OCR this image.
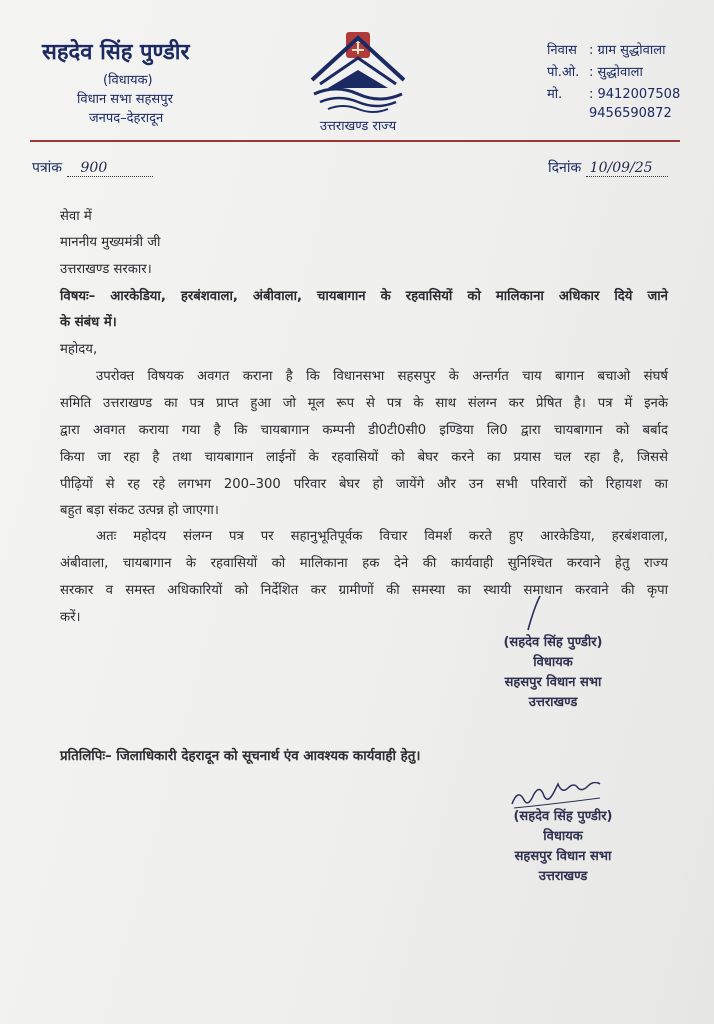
सहदेव सिंह पुण्डीर
(विधायक)
विधान सभा सहसपुर
जनपद–देहरादून
उत्तराखण्ड राज्य
निवास : ग्राम सुद्धोवाला
पो.ओ. : सुद्धोवाला
मो. : 9412007508
9456590872
पत्रांक 900	दिनांक 10/09/25
सेवा में
माननीय मुख्यमंत्री जी
उत्तराखण्ड सरकार।
विषयः– आरकेडिया, हरबंशवाला, अंबीवाला, चायबागान के रहवासियों को मालिकाना अधिकार दिये जाने
के संबंध में।
महोदय,
उपरोक्त विषयक अवगत कराना है कि विधानसभा सहसपुर के अन्तर्गत चाय बागान बचाओ संघर्ष
समिति उत्तराखण्ड का पत्र प्राप्त हुआ जो मूल रूप से पत्र के साथ संलग्न कर प्रेषित है। पत्र में इनके
द्वारा अवगत कराया गया है कि चायबागान कम्पनी डी0टी0सी0 इण्डिया लि0 द्वारा चायबागान को बर्बाद
किया जा रहा है तथा चायबागान लाईनों के रहवासियों को बेघर करने का प्रयास चल रहा है, जिससे
पीढ़ियों से रह रहे लगभग 200–300 परिवार बेघर हो जायेंगे और उन सभी परिवारों को रिहायश का
बहुत बड़ा संकट उत्पन्न हो जाएगा।
अतः महोदय संलग्न पत्र पर सहानुभूतिपूर्वक विचार विमर्श करते हुए आरकेडिया, हरबंशवाला,
अंबीवाला, चायबागान के रहवासियों को मालिकाना हक देने की कार्यवाही सुनिश्चित करवाने हेतु राज्य
सरकार व समस्त अधिकारियों को निर्देशित कर ग्रामीणों की समस्या का स्थायी समाधान करवाने की कृपा
करें।
(सहदेव सिंह पुण्डीर)
विधायक
सहसपुर विधान सभा
उत्तराखण्ड
प्रतिलिपिः– जिलाधिकारी देहरादून को सूचनार्थ एंव आवश्यक कार्यवाही हेतु।
(सहदेव सिंह पुण्डीर)
विधायक
सहसपुर विधान सभा
उत्तराखण्ड
